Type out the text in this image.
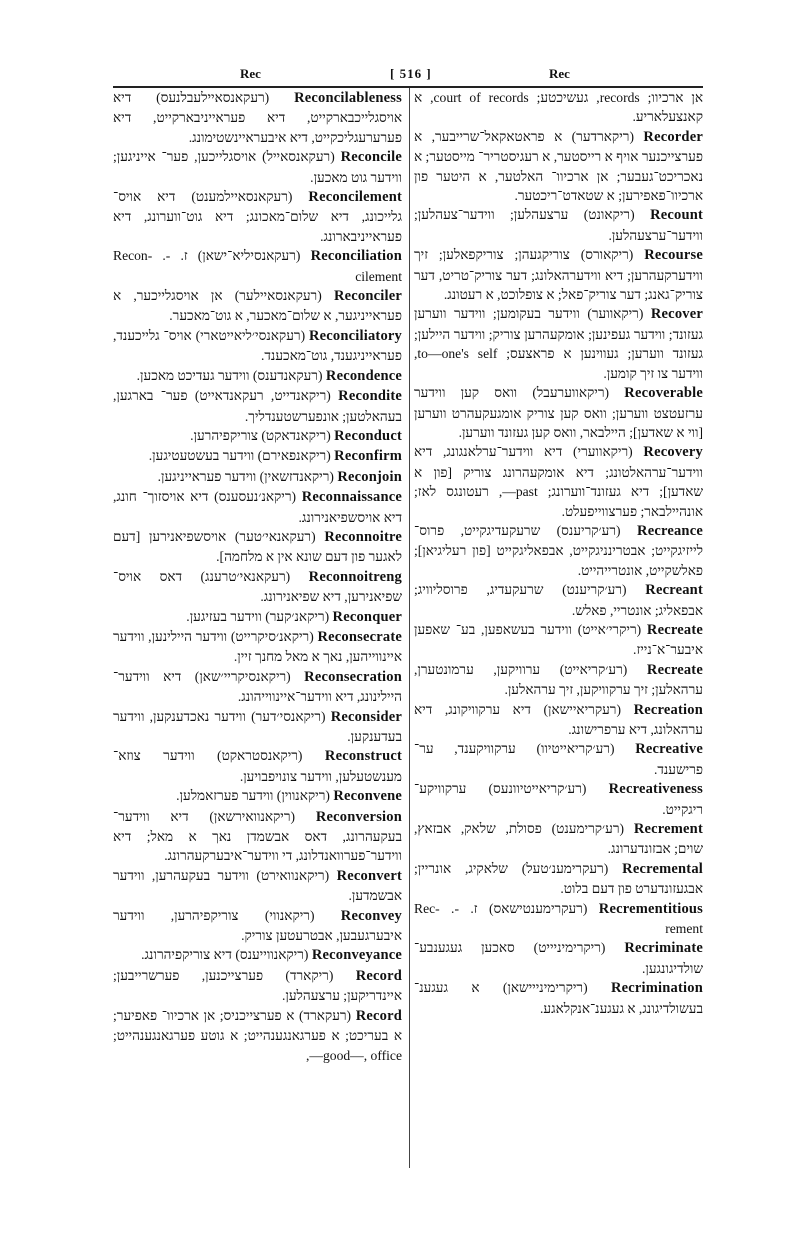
Rec	[ 516 ]	Rec

Reconcilableness (רעקאנסאיילעבלנעס) דיא אויסגלייכבארקייט, דיא פעראייניבארקייט, דיא פערערעגליכקייט, דיא איבעראיינשטימונג.

Reconcile (רעקאנסאייל) אויסגלייכען, פער־ אייניגען; ווידער גוט מאכען.

Reconcilement (רעקאנסאיילמענט) דיא אויס־ גלייכונג, דיא שלום־מאכונג; דיא גוט־ווערונג, דיא פעראייניבארונג.

Reconciliation (רעקאנסיליא־ישאן) ז. Recon- .-cilement

Reconciler (רעקאנסאיילער) אן אויסגלייכער, א פעראייניגער, א שלום־מאכער, א גוט־מאכער.

Reconciliatory (רעקאנסי׳ליאייטארי) אויס־ גלייכענד, פעראייניגענד, גוט־מאכענד.

Recondence (רעקאנדענס) ווידער געדיכט מאכען.

Recondite (ריקאנדייט, רעקאנדאייט) פער־ בארגען, בעהאלטען; אונפערשטענדליך.

Reconduct (ריקאנדאקט) צוריקפיהרען.

Reconfirm (ריקאנפאירם) ווידער בעשטעטיגען.

Reconjoin (ריקאנדזשאין) ווידער פעראייניגען.

Reconnaissance (ריקאנ׳נעסענס) דיא אויסזוך־ חונג, דיא אויסשפיאנירונג.

Reconnoitre (רעקאנאי׳טער) אויסשפיאנירען [דעם לאגער פון דעם שונא אין א מלחמה].

Reconnoitreng (רעקאנאי׳טרענג) דאס אויס־ שפיאנירען, דיא שפיאנירונג.

Reconquer (ריקאנ׳קער) ווידער בעזיגען.

Reconsecrate (ריקאנ׳סיקרייט) ווידער היילינען, ווידער איינווייהען, נאך א מאל מחנך זיין.

Reconsecration (ריקאנסיקריי׳שאן) דיא ווידער־ היילינונג, דיא ווידער־איינווייהונג.

Reconsider (ריקאנסי׳דער) ווידער נאכדענקען, ווידער בעדענקען.

Reconstruct (ריקאנסטראקט) ווידער צוזא־ מענשטעלען, ווידער צונויפבויען.

Reconvene (ריקאנווין) ווידער פערזאמלען.

Reconversion (ריקאנוואירשאן) דיא ווידער־ בעקעהרונג, דאס אבשמדן נאך א מאל; דיא ווידער־פערוואנדלונג, די ווידער־איבערקעהרונג.

Reconvert (ריקאנוואירט) ווידער בעקעהרען, ווידער אבשמדען.

Reconvey (ריקאנווי) צוריקפיהרען, ווידער איבערגעבען, אבטרעטען צוריק.

Reconveyance (ריקאנווייענס) דיא צוריקפיהרונג.

Record (ריקארד) פערצייכנען, פערשרייבען; איינדריקען; ערצעהלען.

Record (רעקארד) א פערצייכניס; אן ארכיוו־ פאפיער; א בעריכט; א פערגאנגענהייט; א גוטע פערגאנגענהייט; good—, office—,

אן ארכיוו; records, געשיכטע; court of records, א קאנצעלאריע.

Recorder (ריקארדער) א פראטאקאל־שרייבער, א פערצייכנער אויף א רייסטער, א רעגיסטריר־ מייסטער; א נאכריכט־געבער; אן ארכיוו־ האלטער, א היטער פון ארכיוו־פאפירען; א שטאדט־ריכטער.

Recount (ריקאונט) ערצעהלען; ווידער־צעהלען; ווידער־ערצעהלען.

Recourse (ריקאורס) צוריקגעהן; צוריקפאלען; זיך ווידערקעהרען; דיא ווידערהאלונג; דער צוריק־טריט, דער צוריק־גאנג; דער צוריק־פאל; א צופלוכט, א רעטונג.

Recover (ריקאווער) ווידער בעקומען; ווידער ווערען געזונד; ווידער געפינען; אומקעהרען צוריק; ווידער היילען; געזונד ווערען; געווינען א פראצעס; to—one's self, ווידער צו זיך קומען.

Recoverable (ריקאווערעבל) וואס קען ווידער ערזעטצט ווערען; וואס קען צוריק אומגעקעהרט ווערען [ווי א שאדען]; היילבאר, וואס קען געזונד ווערען.

Recovery (ריקאווערי) דיא ווידער־ערלאנגונג, דיא ווידער־ערהאלטונג; דיא אומקעהרונג צוריק [פון א שאדען]; דיא געזונד־ווערונג; past—, רעטונגס לאז; אונהיילבאר; פערצווייפעלט.

Recreance (רע׳קריענס) שרעקעדיגקייט, פרוס־ לייזיגקייט; אבטרינניגקייט, אבפאליגקייט [פון רעליגיאן]; פאלשקייט, אונטרייהייט.

Recreant (רע׳קריענט) שרעקעדיג, פרוסליוויג; אבפאליג; אונטריי, פאלש.

Recreate (ריקרי׳אייט) ווידער בעשאפען, בע־ שאפען איבער־א־נייז.

Recreate (רע׳קריאייט) ערוויקען, ערמונטערן, ערהאלען; זיך ערקוויקען, זיך ערהאלען.

Recreation (רעקריאיישאן) דיא ערקוויקונג, דיא ערהאלונג, דיא ערפרישונג.

Recreative (רע׳קריאייטיוו) ערקוויקענד, ער־ פרישענד.

Recreativeness (רע׳קריאייטיוונעס) ערקוויקע־ ריגקייט.

Recrement (רע׳קרימענט) פסולת, שלאק, אבזאץ, שוים; אבזונדערונג.

Recremental (רעקרימענ׳טעל) שלאקיג, אונריין; אבגעזונדערט פון דעם בלוט.

Recrementitious (רעקרימענטישאס) ז. Rec- .-rement

Recriminate (ריקרימיניייט) סאכען געגענבע־ שולדיגונגען.

Recrimination (ריקרימינייישאן) א געגענ־ בעשולדיגונג, א געגענ־אנקלאגע.
